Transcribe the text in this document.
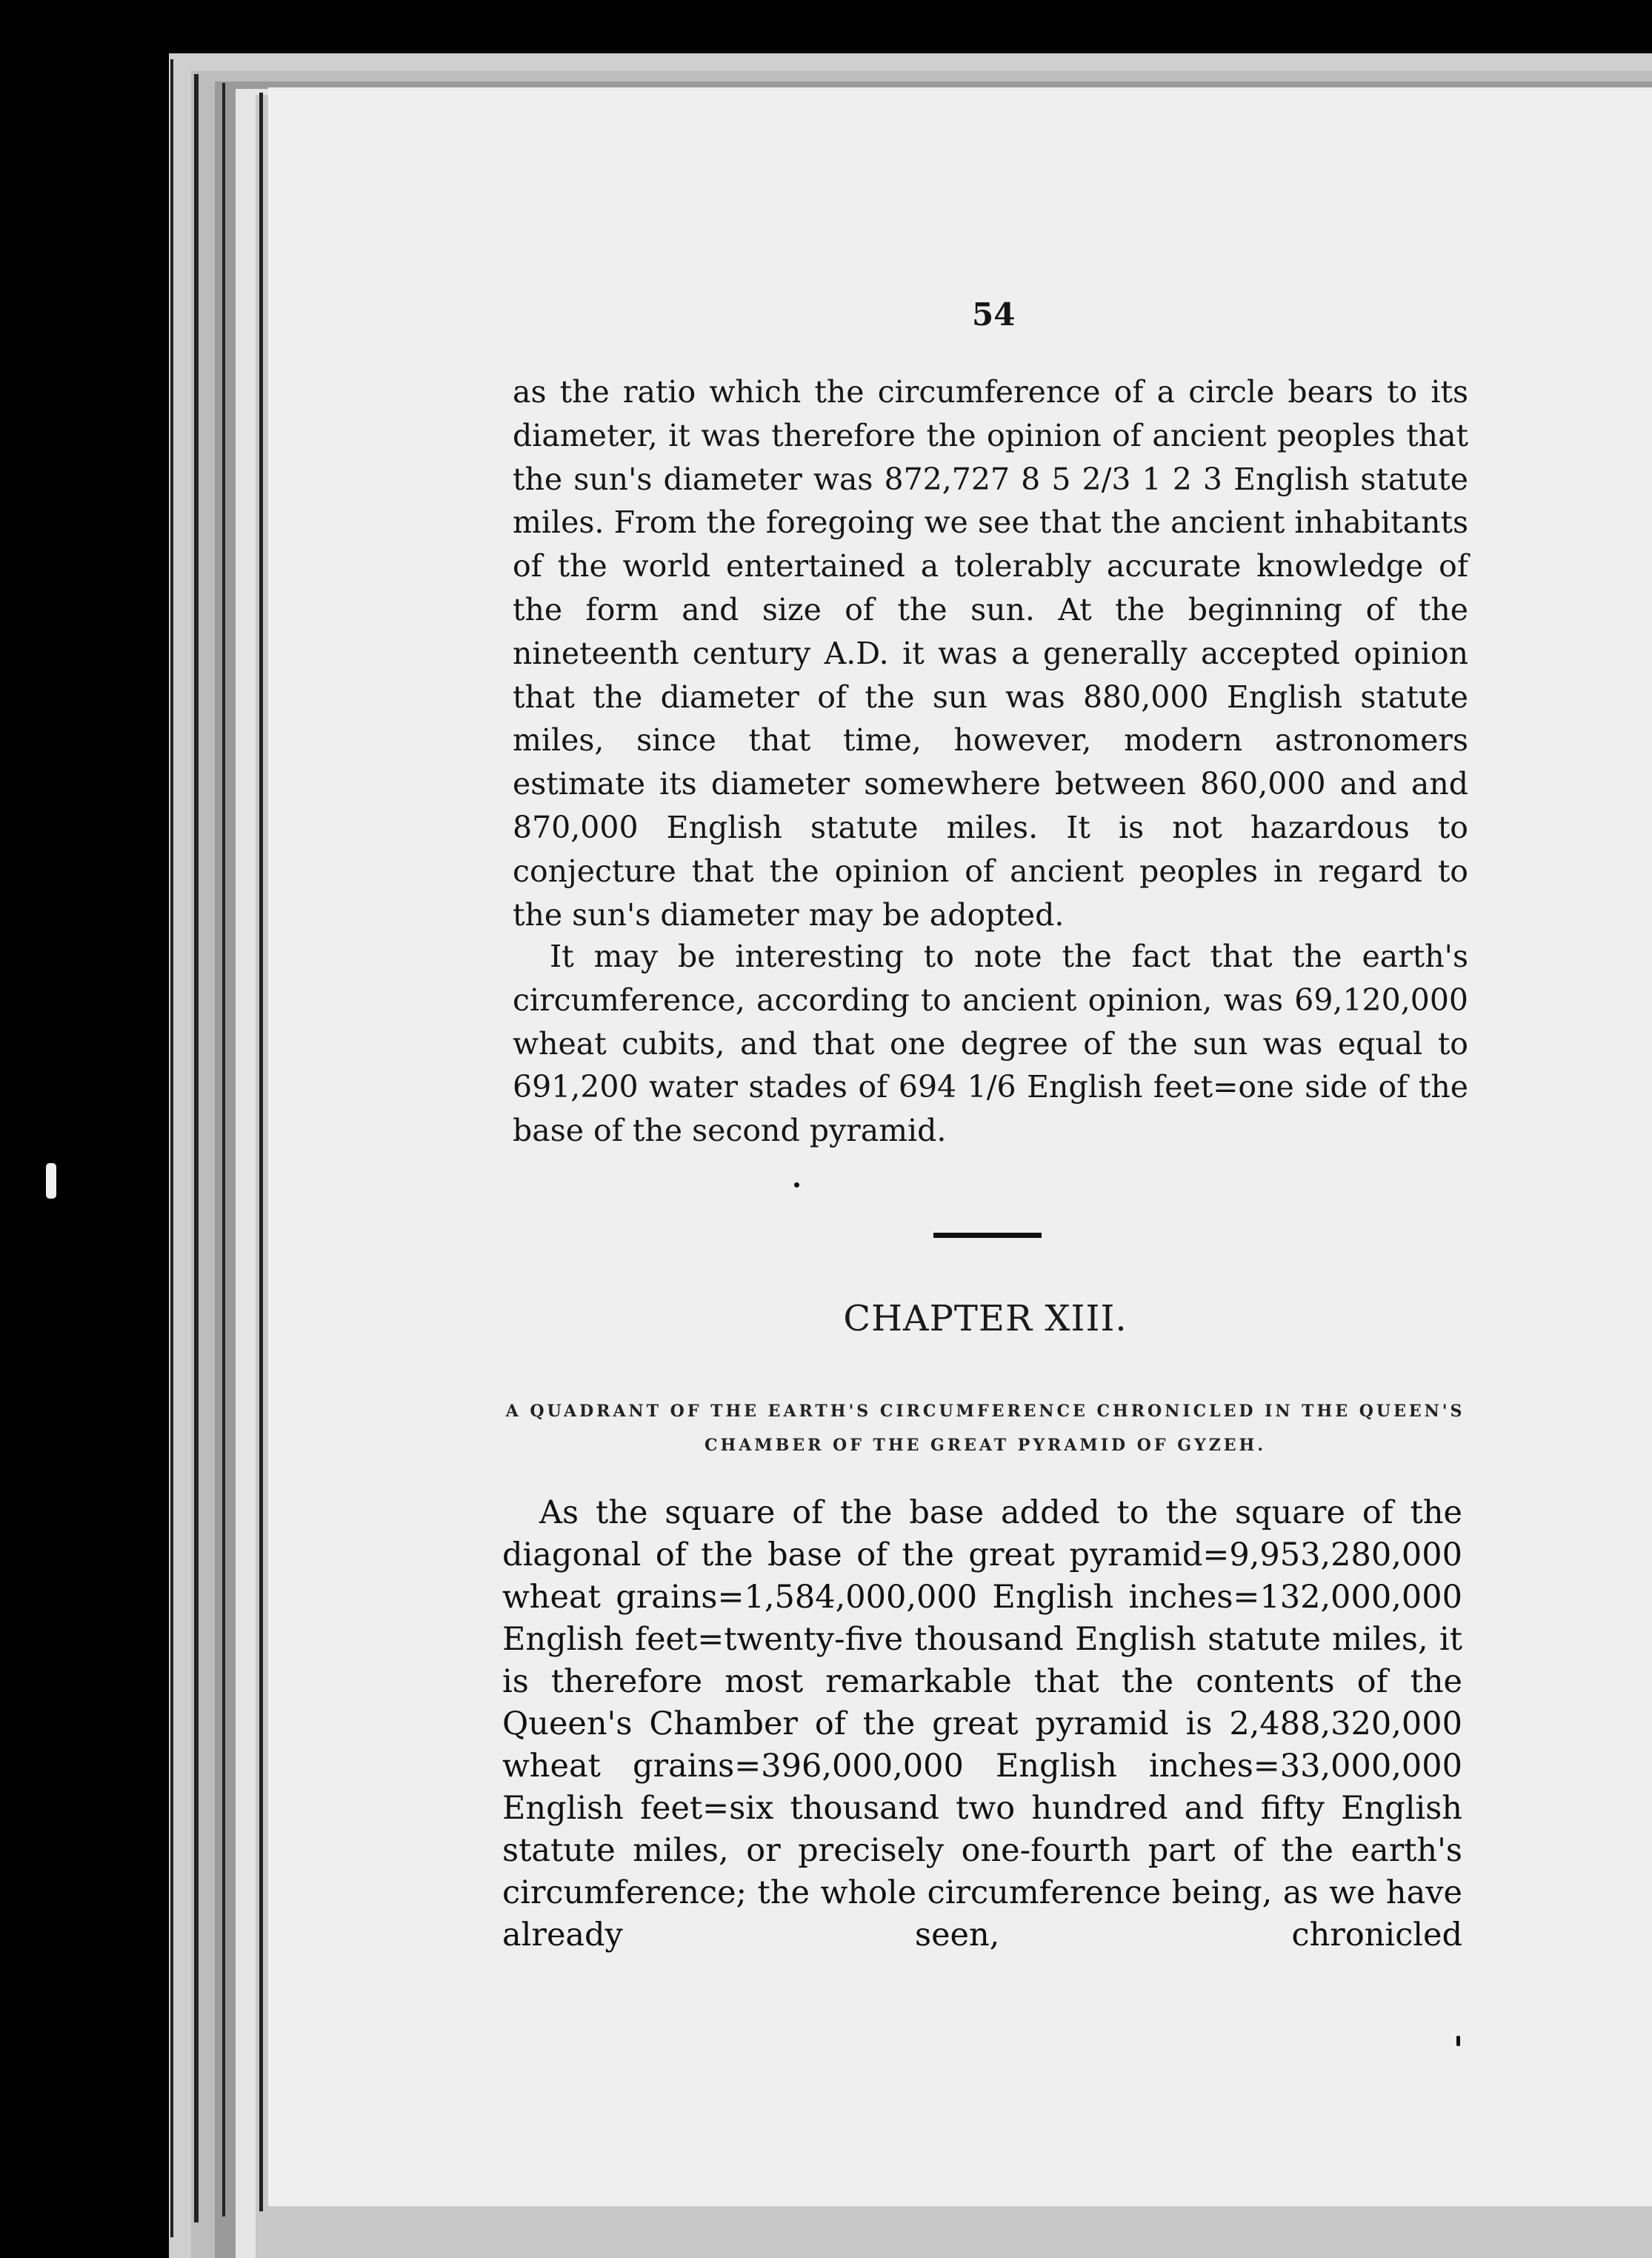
54

as the ratio which the circumference of a circle bears to its diameter, it was therefore the opinion of ancient peoples that the sun's diameter was 872,727 8 5 2/3 1 2 3 English statute miles. From the foregoing we see that the ancient inhabitants of the world entertained a tolerably accurate knowledge of the form and size of the sun. At the beginning of the nineteenth century A.D. it was a generally accepted opinion that the diameter of the sun was 880,000 English statute miles, since that time, however, modern astronomers estimate its diameter somewhere between 860,000 and and 870,000 English statute miles. It is not hazardous to conjecture that the opinion of ancient peoples in regard to the sun's diameter may be adopted.

It may be interesting to note the fact that the earth's circumference, according to ancient opinion, was 69,120,000 wheat cubits, and that one degree of the sun was equal to 691,200 water stades of 694 1/6 English feet=one side of the base of the second pyramid.

CHAPTER XIII.
A QUADRANT OF THE EARTH'S CIRCUMFERENCE CHRONICLED IN THE QUEEN'S CHAMBER OF THE GREAT PYRAMID OF GYZEH.

As the square of the base added to the square of the diagonal of the base of the great pyramid=9,953,280,000 wheat grains=1,584,000,000 English inches=132,000,000 English feet=twenty-five thousand English statute miles, it is therefore most remarkable that the contents of the Queen's Chamber of the great pyramid is 2,488,320,000 wheat grains=396,000,000 English inches=33,000,000 English feet=six thousand two hundred and fifty English statute miles, or precisely one-fourth part of the earth's circumference; the whole circumference being, as we have already seen, chronicled
